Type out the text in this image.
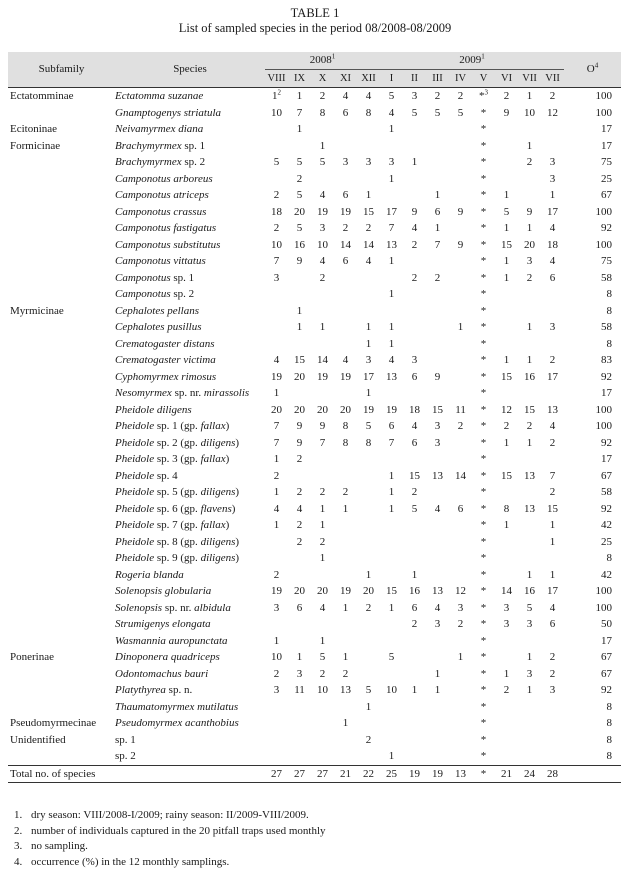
TABLE 1
List of sampled species in the period 08/2008-08/2009
Subfamily	Species	2008$^1$					2009$^1$								$O^4$
		VIII	IX	X	XI	XII	I	II	III	IV	V	VI	VII	VII	
Ectatomminae	Ectatomma suzanae	$1^2$	1	2	4	4	5	3	2	2	*$^3$	2	1	2	100
	Gnamptogenys striatula	10	7	8	6	8	4	5	5	5	*	9	10	12	100
Ecitoninae	Neivamyrmex diana		1				1				*				17
Formicinae	Brachymyrmex sp. 1			1							*		1		17
	Brachymyrmex sp. 2	5	5	5	3	3	3	1			*		2	3	75
	Camponotus arboreus		2				1				*			3	25
	Camponotus atriceps	2	5	4	6	1			1		*	1		1	67
	Camponotus crassus	18	20	19	19	15	17	9	6	9	*	5	9	17	100
	Camponotus fastigatus	2	5	3	2	2	7	4	1		*	1	1	4	92
	Camponotus substitutus	10	16	10	14	14	13	2	7	9	*	15	20	18	100
	Camponotus vittatus	7	9	4	6	4	1				*	1	3	4	75
	Camponotus sp. 1	3		2				2	2		*	1	2	6	58
	Camponotus sp. 2						1				*				8
Myrmicinae	Cephalotes pellans		1								*				8
	Cephalotes pusillus		1	1		1	1			1	*		1	3	58
	Crematogaster distans					1	1				*				8
	Crematogaster victima	4	15	14	4	3	4	3			*	1	1	2	83
	Cyphomyrmex rimosus	19	20	19	19	17	13	6	9		*	15	16	17	92
	Nesomyrmex sp. nr. mirassolis	1				1					*				17
	Pheidole diligens	20	20	20	20	19	19	18	15	11	*	12	15	13	100
	Pheidole sp. 1 (gp. fallax)	7	9	9	8	5	6	4	3	2	*	2	2	4	100
	Pheidole sp. 2 (gp. diligens)	7	9	7	8	8	7	6	3		*	1	1	2	92
	Pheidole sp. 3 (gp. fallax)	1	2								*				17
	Pheidole sp. 4	2					1	15	13	14	*	15	13	7	67
	Pheidole sp. 5 (gp. diligens)	1	2	2	2		1	2			*			2	58
	Pheidole sp. 6 (gp. flavens)	4	4	1	1		1	5	4	6	*	8	13	15	92
	Pheidole sp. 7 (gp. fallax)	1	2	1							*	1		1	42
	Pheidole sp. 8 (gp. diligens)		2	2							*			1	25
	Pheidole sp. 9 (gp. diligens)			1							*				8
	Rogeria blanda	2				1		1			*		1	1	42
	Solenopsis globularia	19	20	20	19	20	15	16	13	12	*	14	16	17	100
	Solenopsis sp. nr. albidula	3	6	4	1	2	1	6	4	3	*	3	5	4	100
	Strumigenys elongata							2	3	2	*	3	3	6	50
	Wasmannia auropunctata	1		1							*				17
Ponerinae	Dinoponera quadriceps	10	1	5	1		5			1	*		1	2	67
	Odontomachus bauri	2	3	2	2				1		*	1	3	2	67
	Platythyrea sp. n.	3	11	10	13	5	10	1	1		*	2	1	3	92
	Thaumatomyrmex mutilatus					1					*				8
Pseudomyrmecinae	Pseudomyrmex acanthobius				1						*				8
Unidentified	sp. 1					2					*				8
	sp. 2						1				*				8
Total no. of species		27	27	27	21	22	25	19	19	13	*	21	24	28	
1. dry season: VIII/2008-I/2009; rainy season: II/2009-VIII/2009.
2. number of individuals captured in the 20 pitfall traps used monthly
3. no sampling.
4. occurrence (%) in the 12 monthly samplings.
